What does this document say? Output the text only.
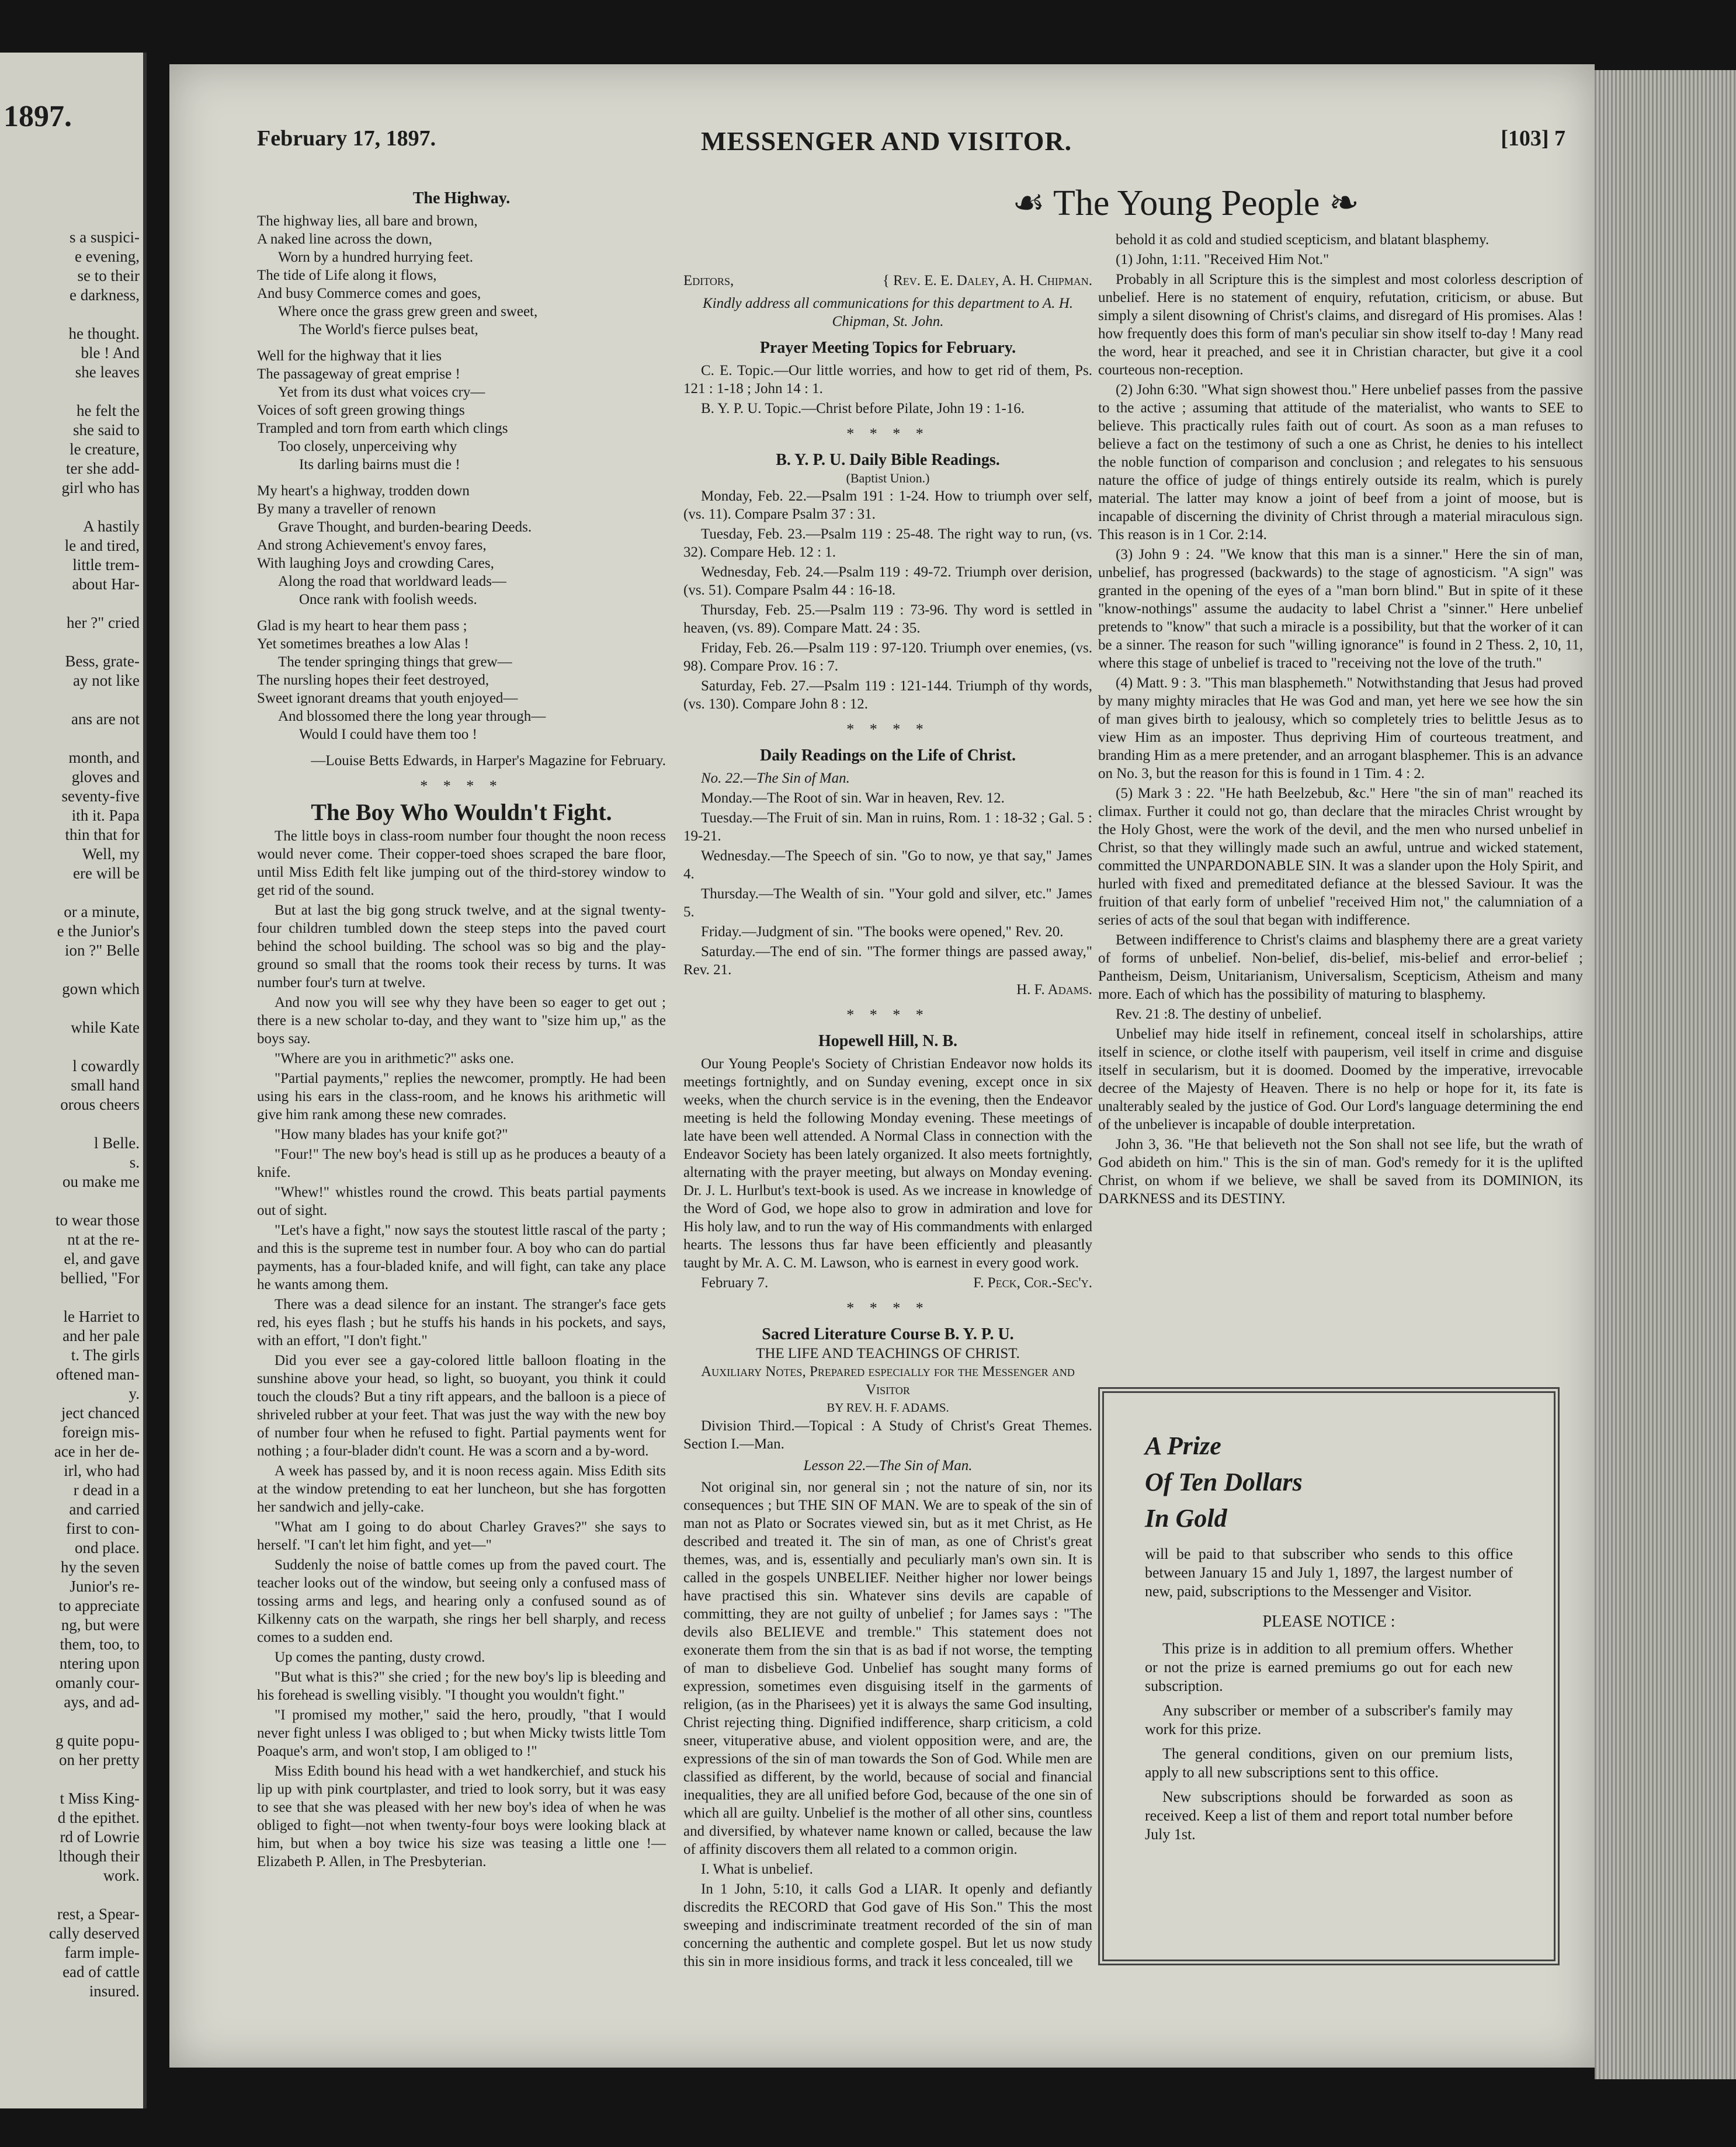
1897.
s a suspici-
e evening,
se to their
e darkness,

he thought.
ble ! And
she leaves

he felt the
she said to
le creature,
ter she add-
girl who has

A hastily
le and tired,
little trem-
about Har-

her ?" cried

Bess, grate-
ay not like

ans are not

month, and
gloves and
seventy-five
ith it. Papa
thin that for
Well, my
ere will be

or a minute,
e the Junior's
ion ?" Belle

gown which

while Kate

l cowardly
small hand
orous cheers

l Belle.
s.
ou make me

to wear those
nt at the re-
el, and gave
bellied, "For

le Harriet to
and her pale
t. The girls
oftened man-
y.
ject chanced
foreign mis-
ace in her de-
irl, who had
r dead in a
and carried
first to con-
ond place.
hy the seven
Junior's re-
to appreciate
ng, but were
them, too, to
ntering upon
omanly cour-
ays, and ad-

g quite popu-
on her pretty

t Miss King-
d the epithet.
rd of Lowrie
lthough their
work.

rest, a Spear-
cally deserved
farm imple-
ead of cattle
insured.
February 17, 1897.	MESSENGER AND VISITOR.	[103] 7
☙ The Young People ❧
The Highway.

The highway lies, all bare and brown,

A naked line across the down,

Worn by a hundred hurrying feet.

The tide of Life along it flows,

And busy Commerce comes and goes,

Where once the grass grew green and sweet,

The World's fierce pulses beat,

Well for the highway that it lies

The passageway of great emprise !

Yet from its dust what voices cry—

Voices of soft green growing things

Trampled and torn from earth which clings

Too closely, unperceiving why

Its darling bairns must die !

My heart's a highway, trodden down

By many a traveller of renown

Grave Thought, and burden-bearing Deeds.

And strong Achievement's envoy fares,

With laughing Joys and crowding Cares,

Along the road that worldward leads—

Once rank with foolish weeds.

Glad is my heart to hear them pass ;

Yet sometimes breathes a low Alas !

The tender springing things that grew—

The nursling hopes their feet destroyed,

Sweet ignorant dreams that youth enjoyed—

And blossomed there the long year through—

Would I could have them too !

—Louise Betts Edwards, in Harper's Magazine for February.

* * * *
The Boy Who Wouldn't Fight.

The little boys in class-room number four thought the noon recess would never come. Their copper-toed shoes scraped the bare floor, until Miss Edith felt like jumping out of the third-storey window to get rid of the sound.

But at last the big gong struck twelve, and at the signal twenty-four children tumbled down the steep steps into the paved court behind the school building. The school was so big and the play-ground so small that the rooms took their recess by turns. It was number four's turn at twelve.

And now you will see why they have been so eager to get out ; there is a new scholar to-day, and they want to "size him up," as the boys say.

"Where are you in arithmetic?" asks one.

"Partial payments," replies the newcomer, promptly. He had been using his ears in the class-room, and he knows his arithmetic will give him rank among these new comrades.

"How many blades has your knife got?"

"Four!" The new boy's head is still up as he produces a beauty of a knife.

"Whew!" whistles round the crowd. This beats partial payments out of sight.

"Let's have a fight," now says the stoutest little rascal of the party ; and this is the supreme test in number four. A boy who can do partial payments, has a four-bladed knife, and will fight, can take any place he wants among them.

There was a dead silence for an instant. The stranger's face gets red, his eyes flash ; but he stuffs his hands in his pockets, and says, with an effort, "I don't fight."

Did you ever see a gay-colored little balloon floating in the sunshine above your head, so light, so buoyant, you think it could touch the clouds? But a tiny rift appears, and the balloon is a piece of shriveled rubber at your feet. That was just the way with the new boy of number four when he refused to fight. Partial payments went for nothing ; a four-blader didn't count. He was a scorn and a by-word.

A week has passed by, and it is noon recess again. Miss Edith sits at the window pretending to eat her luncheon, but she has forgotten her sandwich and jelly-cake.

"What am I going to do about Charley Graves?" she says to herself. "I can't let him fight, and yet—"

Suddenly the noise of battle comes up from the paved court. The teacher looks out of the window, but seeing only a confused mass of tossing arms and legs, and hearing only a confused sound as of Kilkenny cats on the warpath, she rings her bell sharply, and recess comes to a sudden end.

Up comes the panting, dusty crowd.

"But what is this?" she cried ; for the new boy's lip is bleeding and his forehead is swelling visibly. "I thought you wouldn't fight."

"I promised my mother," said the hero, proudly, "that I would never fight unless I was obliged to ; but when Micky twists little Tom Poaque's arm, and won't stop, I am obliged to !"

Miss Edith bound his head with a wet handkerchief, and stuck his lip up with pink courtplaster, and tried to look sorry, but it was easy to see that she was pleased with her new boy's idea of when he was obliged to fight—not when twenty-four boys were looking black at him, but when a boy twice his size was teasing a little one !—Elizabeth P. Allen, in The Presbyterian.

Editors,	{ Rev. E. E. Daley, A. H. Chipman.

Kindly address all communications for this department to A. H. Chipman, St. John.

Prayer Meeting Topics for February.

C. E. Topic.—Our little worries, and how to get rid of them, Ps. 121 : 1-18 ; John 14 : 1.

B. Y. P. U. Topic.—Christ before Pilate, John 19 : 1-16.

* * * *
B. Y. P. U. Daily Bible Readings.
(Baptist Union.)

Monday, Feb. 22.—Psalm 191 : 1-24. How to triumph over self, (vs. 11). Compare Psalm 37 : 31.

Tuesday, Feb. 23.—Psalm 119 : 25-48. The right way to run, (vs. 32). Compare Heb. 12 : 1.

Wednesday, Feb. 24.—Psalm 119 : 49-72. Triumph over derision, (vs. 51). Compare Psalm 44 : 16-18.

Thursday, Feb. 25.—Psalm 119 : 73-96. Thy word is settled in heaven, (vs. 89). Compare Matt. 24 : 35.

Friday, Feb. 26.—Psalm 119 : 97-120. Triumph over enemies, (vs. 98). Compare Prov. 16 : 7.

Saturday, Feb. 27.—Psalm 119 : 121-144. Triumph of thy words, (vs. 130). Compare John 8 : 12.

* * * *
Daily Readings on the Life of Christ.

No. 22.—The Sin of Man.

Monday.—The Root of sin. War in heaven, Rev. 12.

Tuesday.—The Fruit of sin. Man in ruins, Rom. 1 : 18-32 ; Gal. 5 : 19-21.

Wednesday.—The Speech of sin. "Go to now, ye that say," James 4.

Thursday.—The Wealth of sin. "Your gold and silver, etc." James 5.

Friday.—Judgment of sin. "The books were opened," Rev. 20.

Saturday.—The end of sin. "The former things are passed away," Rev. 21.

H. F. Adams.

* * * *
Hopewell Hill, N. B.

Our Young People's Society of Christian Endeavor now holds its meetings fortnightly, and on Sunday evening, except once in six weeks, when the church service is in the evening, then the Endeavor meeting is held the following Monday evening. These meetings of late have been well attended. A Normal Class in connection with the Endeavor Society has been lately organized. It also meets fortnightly, alternating with the prayer meeting, but always on Monday evening. Dr. J. L. Hurlbut's text-book is used. As we increase in knowledge of the Word of God, we hope also to grow in admiration and love for His holy law, and to run the way of His commandments with enlarged hearts. The lessons thus far have been efficiently and pleasantly taught by Mr. A. C. M. Lawson, who is earnest in every good work.

February 7.	F. Peck, Cor.-Sec'y.
* * * *
Sacred Literature Course B. Y. P. U.
THE LIFE AND TEACHINGS OF CHRIST.
Auxiliary Notes, Prepared especially for the Messenger and Visitor
BY REV. H. F. ADAMS.

Division Third.—Topical : A Study of Christ's Great Themes. Section I.—Man.

Lesson 22.—The Sin of Man.

Not original sin, nor general sin ; not the nature of sin, nor its consequences ; but THE SIN OF MAN. We are to speak of the sin of man not as Plato or Socrates viewed sin, but as it met Christ, as He described and treated it. The sin of man, as one of Christ's great themes, was, and is, essentially and peculiarly man's own sin. It is called in the gospels UNBELIEF. Neither higher nor lower beings have practised this sin. Whatever sins devils are capable of committing, they are not guilty of unbelief ; for James says : "The devils also BELIEVE and tremble." This statement does not exonerate them from the sin that is as bad if not worse, the tempting of man to disbelieve God. Unbelief has sought many forms of expression, sometimes even disguising itself in the garments of religion, (as in the Pharisees) yet it is always the same God insulting, Christ rejecting thing. Dignified indifference, sharp criticism, a cold sneer, vituperative abuse, and violent opposition were, and are, the expressions of the sin of man towards the Son of God. While men are classified as different, by the world, because of social and financial inequalities, they are all unified before God, because of the one sin of which all are guilty. Unbelief is the mother of all other sins, countless and diversified, by whatever name known or called, because the law of affinity discovers them all related to a common origin.

I. What is unbelief.

In 1 John, 5:10, it calls God a LIAR. It openly and defiantly discredits the RECORD that God gave of His Son." This the most sweeping and indiscriminate treatment recorded of the sin of man concerning the authentic and complete gospel. But let us now study this sin in more insidious forms, and track it less concealed, till we

behold it as cold and studied scepticism, and blatant blasphemy.

(1) John, 1:11. "Received Him Not."

Probably in all Scripture this is the simplest and most colorless description of unbelief. Here is no statement of enquiry, refutation, criticism, or abuse. But simply a silent disowning of Christ's claims, and disregard of His promises. Alas ! how frequently does this form of man's peculiar sin show itself to-day ! Many read the word, hear it preached, and see it in Christian character, but give it a cool courteous non-reception.

(2) John 6:30. "What sign showest thou." Here unbelief passes from the passive to the active ; assuming that attitude of the materialist, who wants to SEE to believe. This practically rules faith out of court. As soon as a man refuses to believe a fact on the testimony of such a one as Christ, he denies to his intellect the noble function of comparison and conclusion ; and relegates to his sensuous nature the office of judge of things entirely outside its realm, which is purely material. The latter may know a joint of beef from a joint of moose, but is incapable of discerning the divinity of Christ through a material miraculous sign. This reason is in 1 Cor. 2:14.

(3) John 9 : 24. "We know that this man is a sinner." Here the sin of man, unbelief, has progressed (backwards) to the stage of agnosticism. "A sign" was granted in the opening of the eyes of a "man born blind." But in spite of it these "know-nothings" assume the audacity to label Christ a "sinner." Here unbelief pretends to "know" that such a miracle is a possibility, but that the worker of it can be a sinner. The reason for such "willing ignorance" is found in 2 Thess. 2, 10, 11, where this stage of unbelief is traced to "receiving not the love of the truth."

(4) Matt. 9 : 3. "This man blasphemeth." Notwithstanding that Jesus had proved by many mighty miracles that He was God and man, yet here we see how the sin of man gives birth to jealousy, which so completely tries to belittle Jesus as to view Him as an imposter. Thus depriving Him of courteous treatment, and branding Him as a mere pretender, and an arrogant blasphemer. This is an advance on No. 3, but the reason for this is found in 1 Tim. 4 : 2.

(5) Mark 3 : 22. "He hath Beelzebub, &c." Here "the sin of man" reached its climax. Further it could not go, than declare that the miracles Christ wrought by the Holy Ghost, were the work of the devil, and the men who nursed unbelief in Christ, so that they willingly made such an awful, untrue and wicked statement, committed the UNPARDONABLE SIN. It was a slander upon the Holy Spirit, and hurled with fixed and premeditated defiance at the blessed Saviour. It was the fruition of that early form of unbelief "received Him not," the calumniation of a series of acts of the soul that began with indifference.

Between indifference to Christ's claims and blasphemy there are a great variety of forms of unbelief. Non-belief, dis-belief, mis-belief and error-belief ; Pantheism, Deism, Unitarianism, Universalism, Scepticism, Atheism and many more. Each of which has the possibility of maturing to blasphemy.

Rev. 21 :8. The destiny of unbelief.

Unbelief may hide itself in refinement, conceal itself in scholarships, attire itself in science, or clothe itself with pauperism, veil itself in crime and disguise itself in secularism, but it is doomed. Doomed by the imperative, irrevocable decree of the Majesty of Heaven. There is no help or hope for it, its fate is unalterably sealed by the justice of God. Our Lord's language determining the end of the unbeliever is incapable of double interpretation.

John 3, 36. "He that believeth not the Son shall not see life, but the wrath of God abideth on him." This is the sin of man. God's remedy for it is the uplifted Christ, on whom if we believe, we shall be saved from its DOMINION, its DARKNESS and its DESTINY.

A Prize
Of Ten Dollars
In Gold

will be paid to that subscriber who sends to this office between January 15 and July 1, 1897, the largest number of new, paid, subscriptions to the Messenger and Visitor.

PLEASE NOTICE :

This prize is in addition to all premium offers. Whether or not the prize is earned premiums go out for each new subscription.

Any subscriber or member of a subscriber's family may work for this prize.

The general conditions, given on our premium lists, apply to all new subscriptions sent to this office.

New subscriptions should be forwarded as soon as received. Keep a list of them and report total number before July 1st.
